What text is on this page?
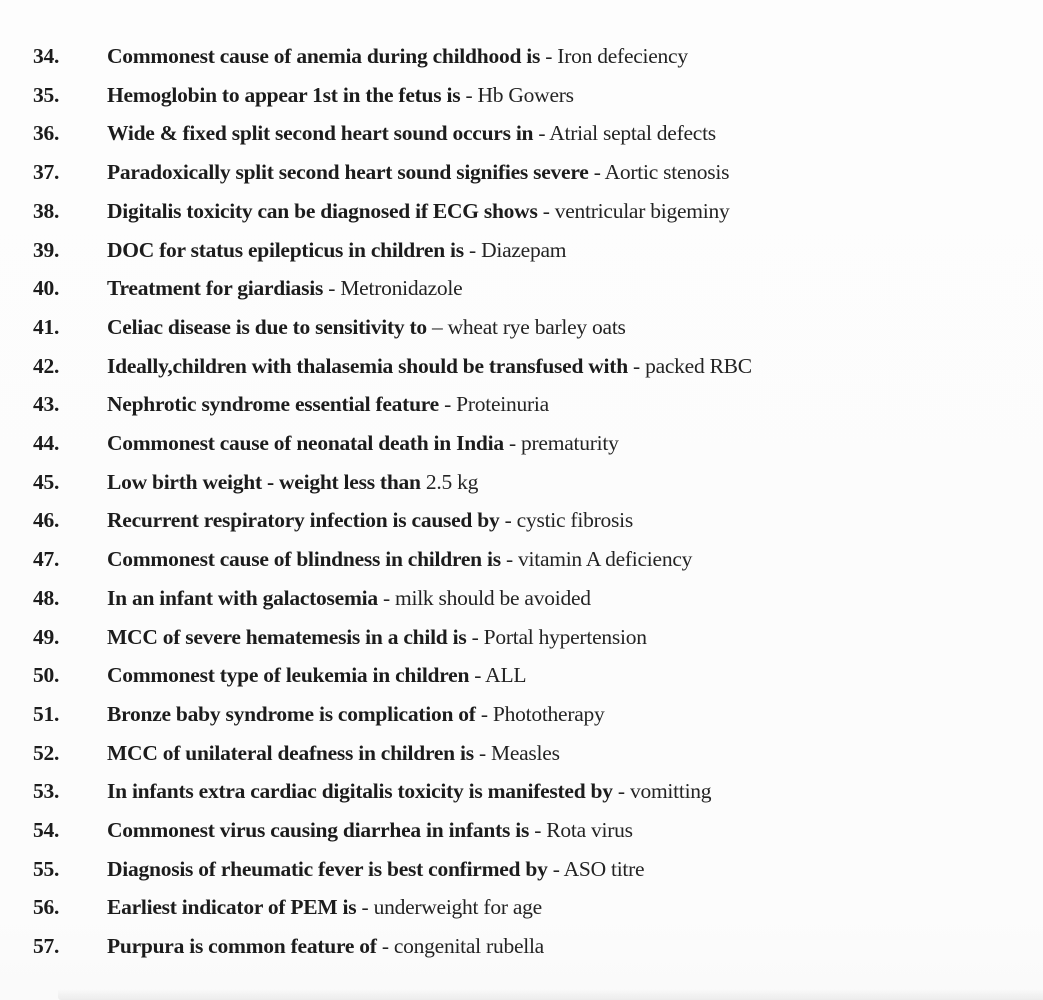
34. Commonest cause of anemia during childhood is - Iron defeciency
35. Hemoglobin to appear 1st in the fetus is - Hb Gowers
36. Wide & fixed split second heart sound occurs in - Atrial septal defects
37. Paradoxically split second heart sound signifies severe - Aortic stenosis
38. Digitalis toxicity can be diagnosed if ECG shows - ventricular bigeminy
39. DOC for status epilepticus in children is - Diazepam
40. Treatment for giardiasis - Metronidazole
41. Celiac disease is due to sensitivity to – wheat rye barley oats
42. Ideally,children with thalasemia should be transfused with - packed RBC
43. Nephrotic syndrome essential feature - Proteinuria
44. Commonest cause of neonatal death in India - prematurity
45. Low birth weight - weight less than 2.5 kg
46. Recurrent respiratory infection is caused by - cystic fibrosis
47. Commonest cause of blindness in children is - vitamin A deficiency
48. In an infant with galactosemia - milk should be avoided
49. MCC of severe hematemesis in a child is - Portal hypertension
50. Commonest type of leukemia in children - ALL
51. Bronze baby syndrome is complication of - Phototherapy
52. MCC of unilateral deafness in children is - Measles
53. In infants extra cardiac digitalis toxicity is manifested by - vomitting
54. Commonest virus causing diarrhea in infants is - Rota virus
55. Diagnosis of rheumatic fever is best confirmed by - ASO titre
56. Earliest indicator of PEM is - underweight for age
57. Purpura is common feature of - congenital rubella
